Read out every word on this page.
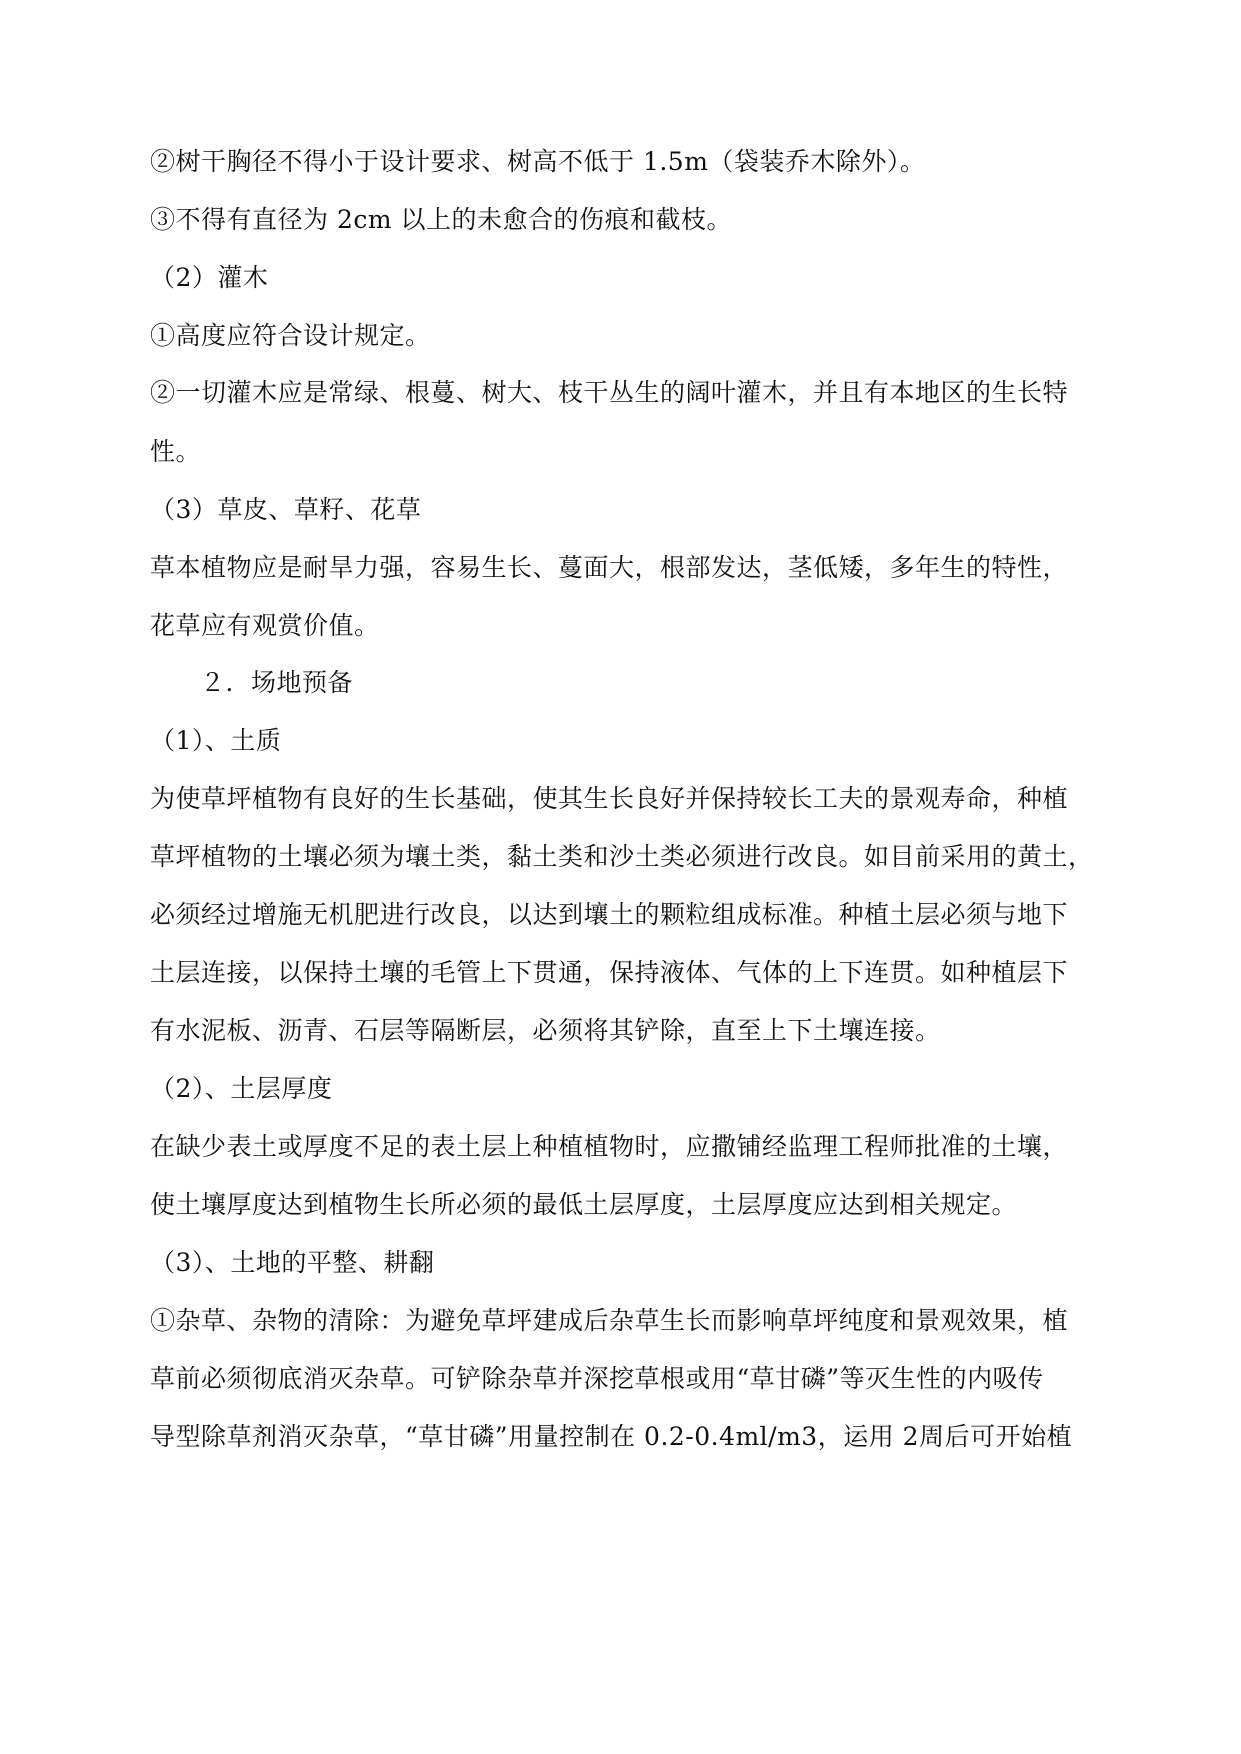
②树干胸径不得小于设计要求、树高不低于 1.5m（袋装乔木除外）。
③不得有直径为 2cm 以上的未愈合的伤痕和截枝。
（2）灌木
①高度应符合设计规定。
②一切灌木应是常绿、根蔓、树大、枝干丛生的阔叶灌木，并且有本地区的生长特
性。
（3）草皮、草籽、花草
草本植物应是耐旱力强，容易生长、蔓面大，根部发达，茎低矮，多年生的特性，
花草应有观赏价值。
２．场地预备
（1）、土质
为使草坪植物有良好的生长基础，使其生长良好并保持较长工夫的景观寿命，种植
草坪植物的土壤必须为壤土类，黏土类和沙土类必须进行改良。如目前采用的黄土，
必须经过增施无机肥进行改良，以达到壤土的颗粒组成标准。种植土层必须与地下
土层连接，以保持土壤的毛管上下贯通，保持液体、气体的上下连贯。如种植层下
有水泥板、沥青、石层等隔断层，必须将其铲除，直至上下土壤连接。
（2）、土层厚度
在缺少表土或厚度不足的表土层上种植植物时，应撒铺经监理工程师批准的土壤，
使土壤厚度达到植物生长所必须的最低土层厚度，土层厚度应达到相关规定。
（3）、土地的平整、耕翻
①杂草、杂物的清除：为避免草坪建成后杂草生长而影响草坪纯度和景观效果，植
草前必须彻底消灭杂草。可铲除杂草并深挖草根或用“草甘磷”等灭生性的内吸传
导型除草剂消灭杂草，“草甘磷”用量控制在 0.2-0.4ml/m3，运用 2周后可开始植
